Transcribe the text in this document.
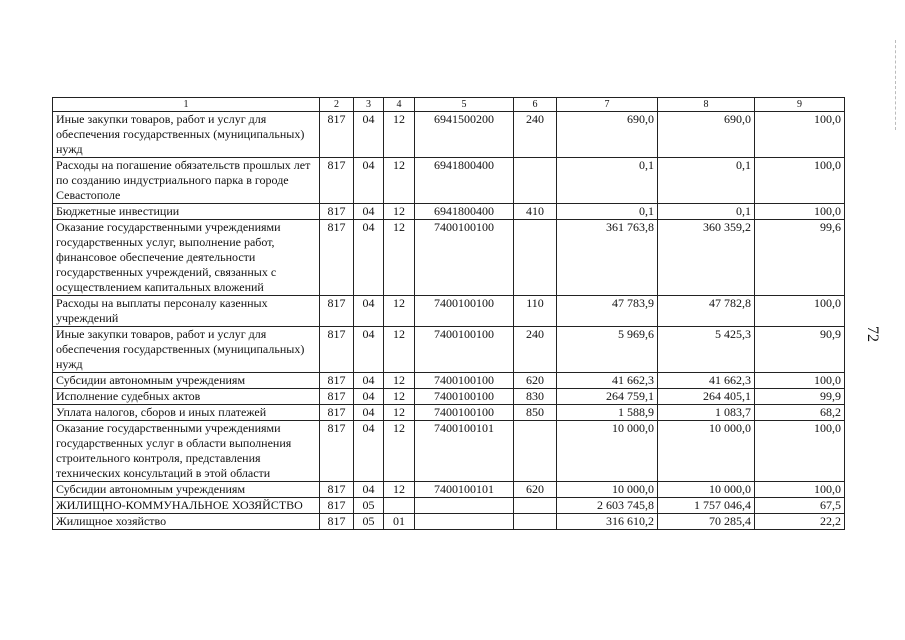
1	2	3	4	5	6	7	8	9
Иные закупки товаров, работ и услуг для обеспечения государственных (муниципальных) нужд	817	04	12	6941500200	240	690,0	690,0	100,0
Расходы на погашение обязательств прошлых лет по созданию индустриального парка в городе Севастополе	817	04	12	6941800400		0,1	0,1	100,0
Бюджетные инвестиции	817	04	12	6941800400	410	0,1	0,1	100,0
Оказание государственными учреждениями государственных услуг, выполнение работ, финансовое обеспечение деятельности государственных учреждений, связанных с осуществлением капитальных вложений	817	04	12	7400100100		361 763,8	360 359,2	99,6
Расходы на выплаты персоналу казенных учреждений	817	04	12	7400100100	110	47 783,9	47 782,8	100,0
Иные закупки товаров, работ и услуг для обеспечения государственных (муниципальных) нужд	817	04	12	7400100100	240	5 969,6	5 425,3	90,9
Субсидии автономным учреждениям	817	04	12	7400100100	620	41 662,3	41 662,3	100,0
Исполнение судебных актов	817	04	12	7400100100	830	264 759,1	264 405,1	99,9
Уплата налогов, сборов и иных платежей	817	04	12	7400100100	850	1 588,9	1 083,7	68,2
Оказание государственными учреждениями государственных услуг в области выполнения строительного контроля, представления технических консультаций в этой области	817	04	12	7400100101		10 000,0	10 000,0	100,0
Субсидии автономным учреждениям	817	04	12	7400100101	620	10 000,0	10 000,0	100,0
ЖИЛИЩНО-КОММУНАЛЬНОЕ ХОЗЯЙСТВО	817	05				2 603 745,8	1 757 046,4	67,5
Жилищное хозяйство	817	05	01			316 610,2	70 285,4	22,2
72
